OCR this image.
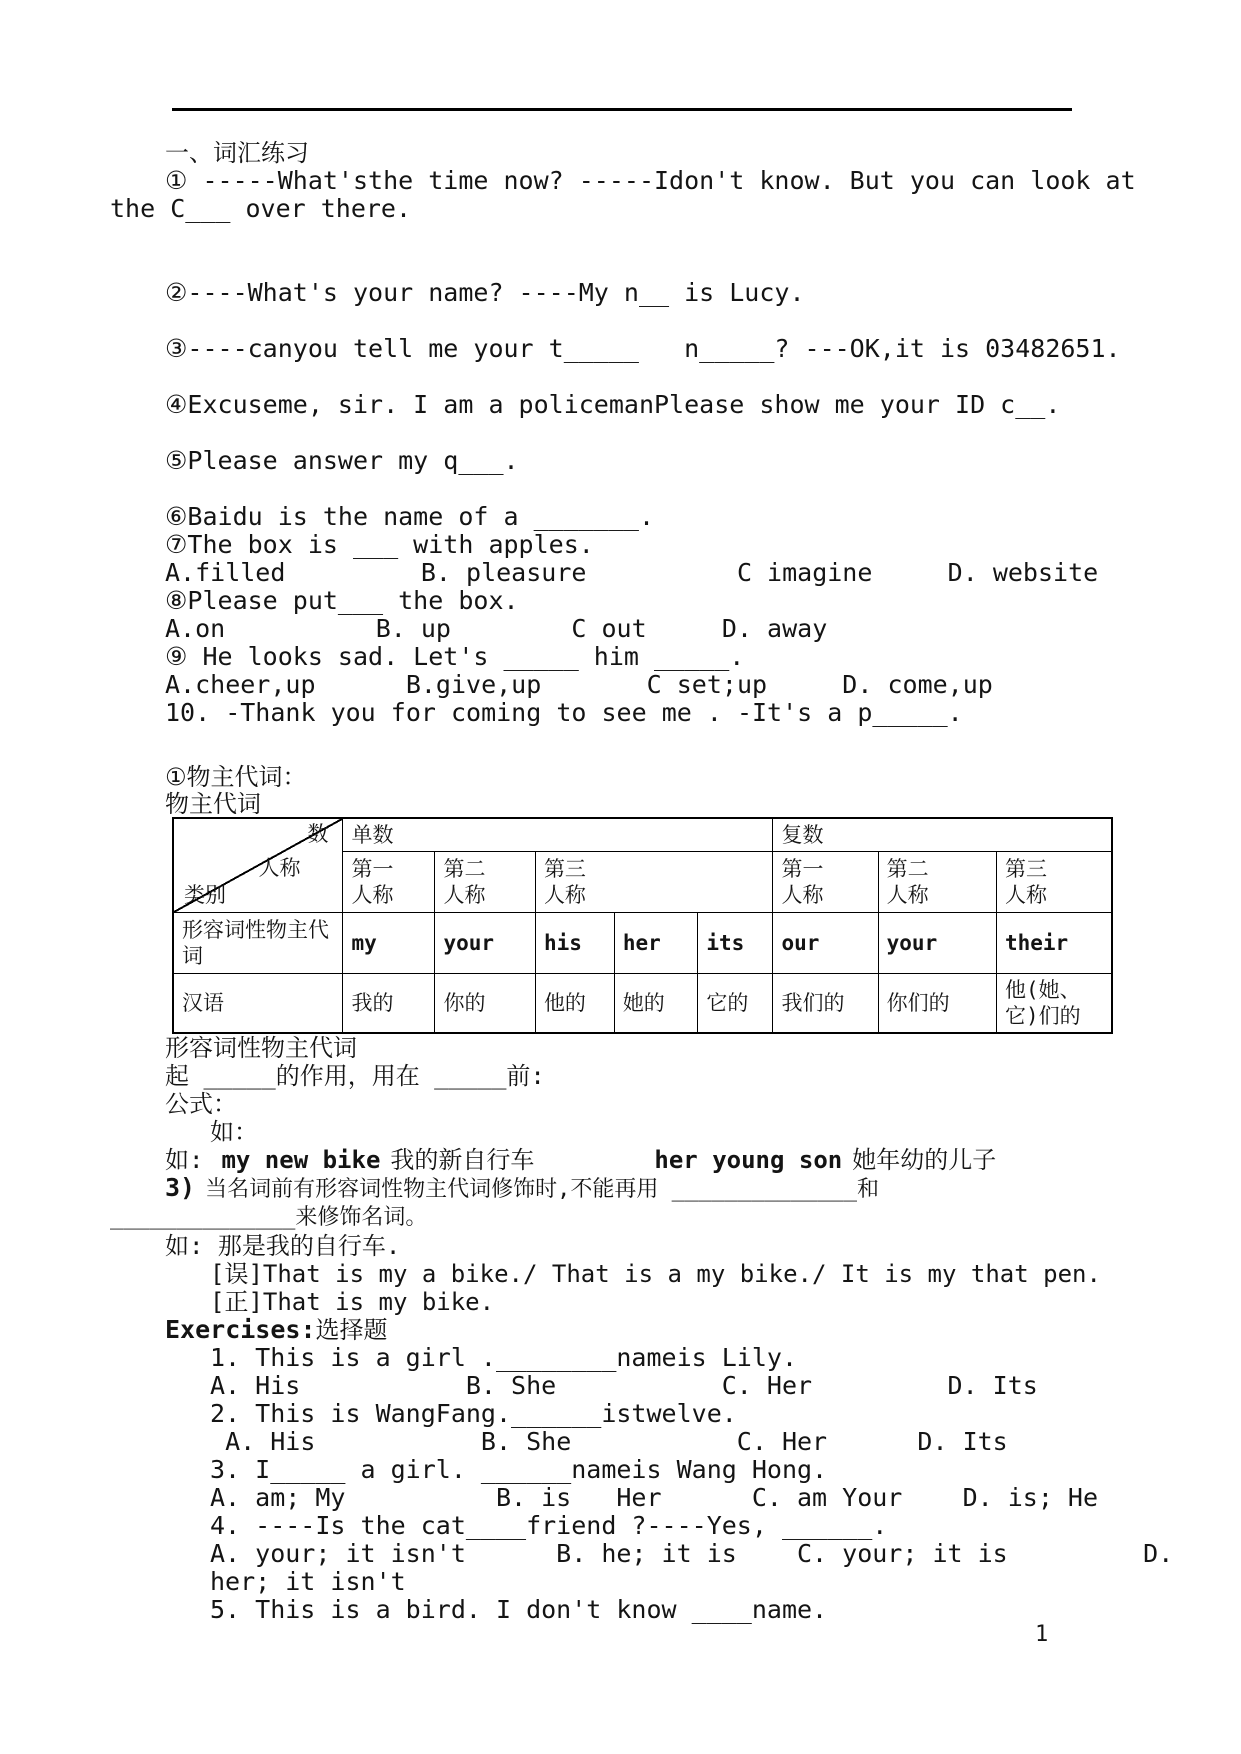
一、词汇练习
① -----What'sthe time now? -----Idon't know. But you can look at
the C___ over there.
②----What's your name? ----My n__ is Lucy.
③----canyou tell me your t_____   n_____? ---OK,it is 03482651.
④Excuseme, sir. I am a policemanPlease show me your ID c__.
⑤Please answer my q___.
⑥Baidu is the name of a _______.
⑦The box is ___ with apples.
A.filled         B. pleasure          C imagine     D. website
⑧Please put___ the box.
A.on          B. up        C out     D. away
⑨ He looks sad. Let's _____ him _____.
A.cheer,up      B.give,up       C set;up     D. come,up
10. -Thank you for coming to see me . -It's a p_____.
①物主代词：
物主代词
数
人称
类别	单数					复数		
	第一人称	第二人称	第三人称			第一人称	第二人称	第三人称
形容词性物主代词	my	your	his	her	its	our	your	their
汉语	我的	你的	他的	她的	它的	我们的	你们的	他(她、它)们的
形容词性物主代词
起 _____的作用，用在 _____前:
公式：
如：
如: my new bike 我的新自行车	her young son 她年幼的儿子
3) 当名词前有形容词性物主代词修饰时,不能再用 ______________和
______________来修饰名词。
如: 那是我的自行车.
[误]That is my a bike./ That is a my bike./ It is my that pen.
[正]That is my bike.
Exercises:选择题
1. This is a girl .________nameis Lily.
A. His           B. She           C. Her         D. Its
2. This is WangFang.______istwelve.
A. His           B. She           C. Her      D. Its
3. I_____ a girl. ______nameis Wang Hong.
A. am; My          B. is   Her      C. am Your    D. is; He
4. ----Is the cat____friend ?----Yes, ______.
A. your; it isn't      B. he; it is    C. your; it is         D. her; it isn't
5. This is a bird. I don't know ____name.
1
